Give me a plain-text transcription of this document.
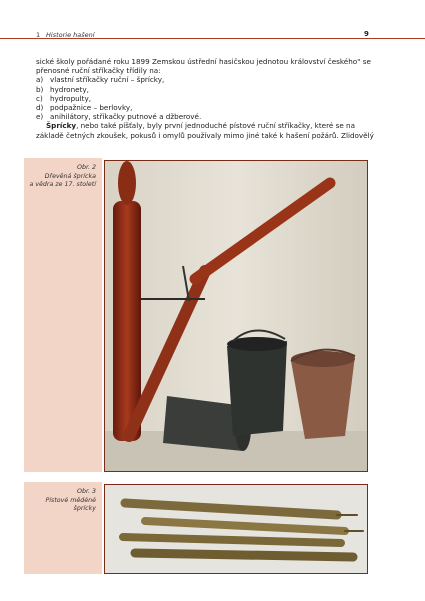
1 Historie hašení	9

sické školy pořádané roku 1899 Zemskou ústřední hasičskou jednotou království českého" se přenosné ruční stříkačky třídily na:

a) vlastní stříkačky ruční – šprícky,
b) hydronety,
c)	hydropulty,
d) podpažnice – berlovky,
e) anihilátory, stříkačky putnové a džberové.

Šprícky, nebo také píšťaly, byly první jednoduché pístové ruční stříkačky, které se na základě četných zkoušek, pokusů i omylů používaly mimo jiné také k hašení požárů. Zlidovělý

Obr. 2
Dřevěná šprícka
a vědra ze 17. století
Obr. 3
Pístové mědéné
šprícky
